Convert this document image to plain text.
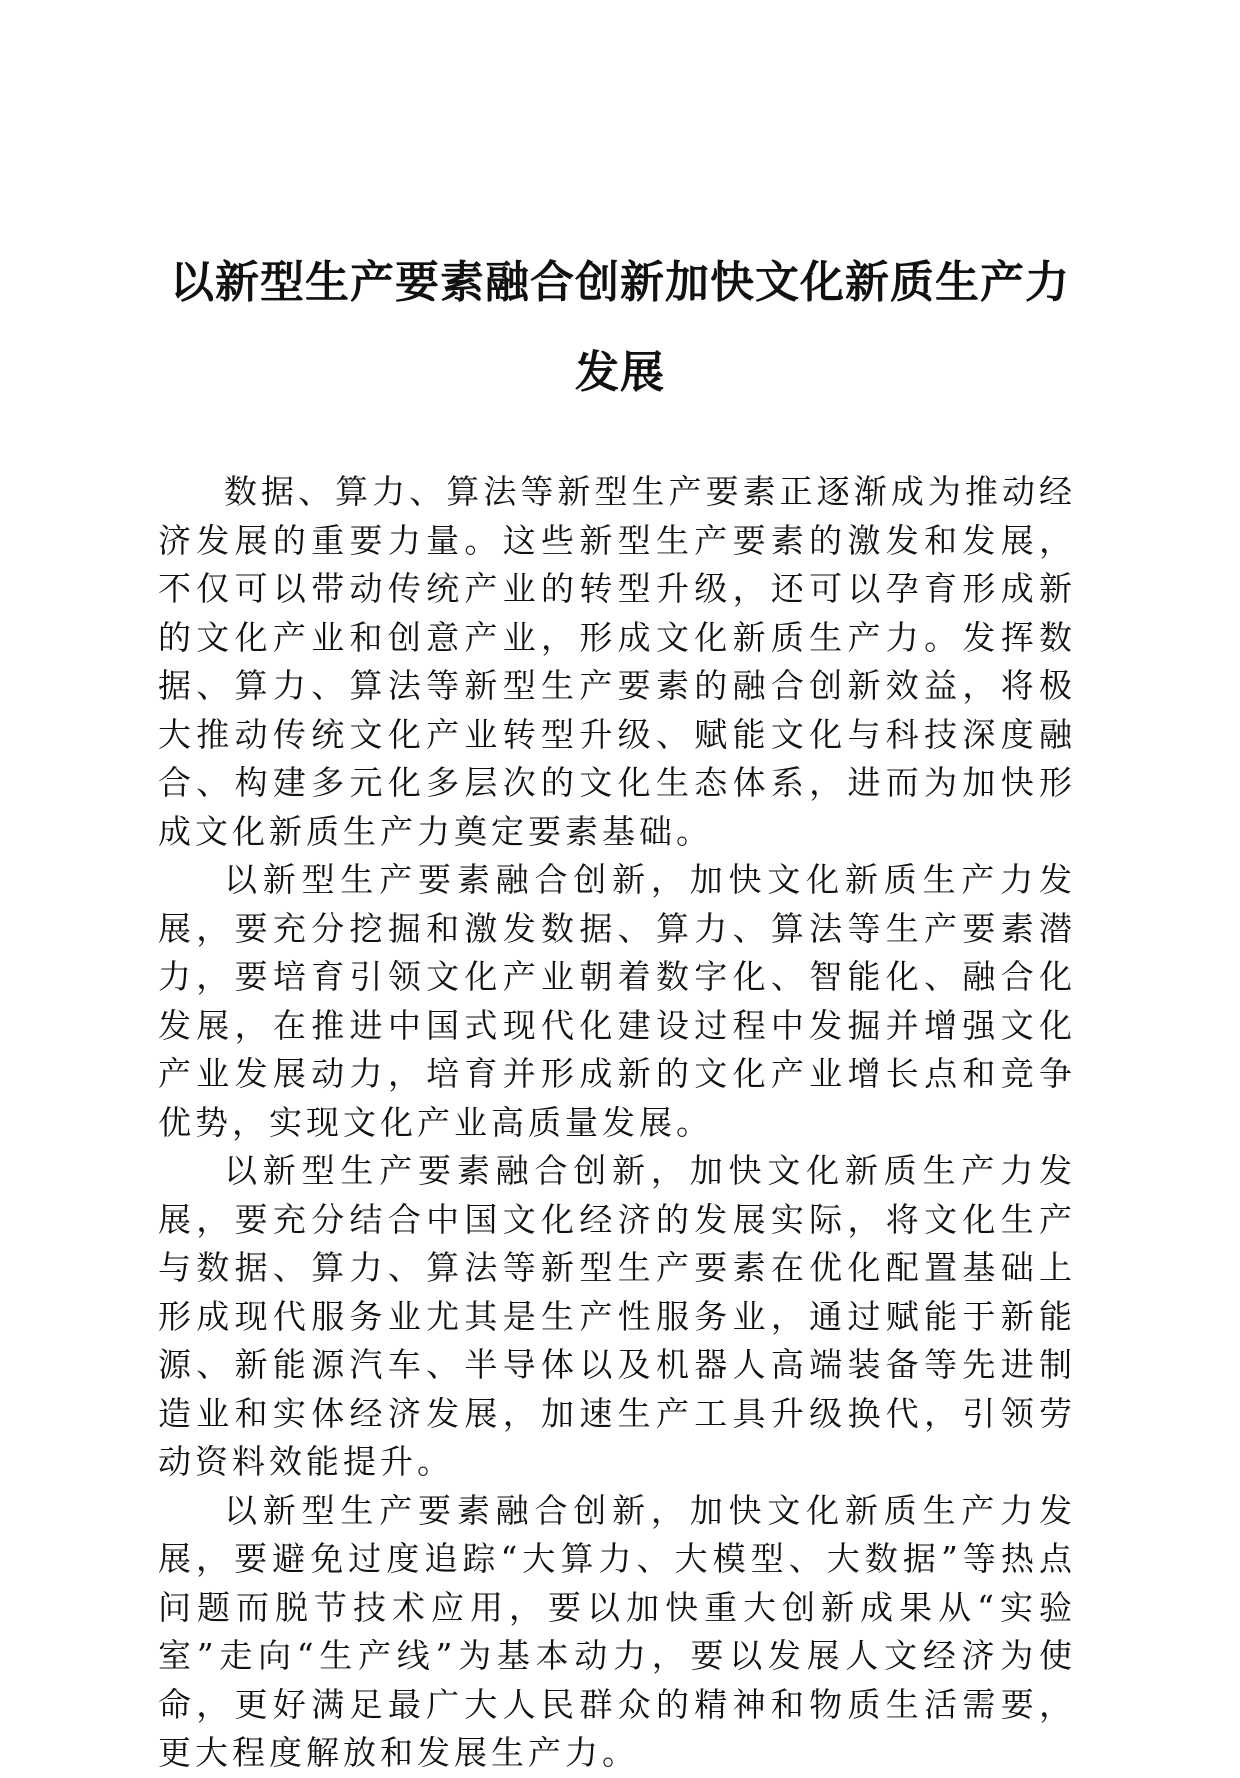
以新型生产要素融合创新加快文化新质生产力发展

数据、算力、算法等新型生产要素正逐渐成为推动经济发展的重要力量。这些新型生产要素的激发和发展，不仅可以带动传统产业的转型升级，还可以孕育形成新的文化产业和创意产业，形成文化新质生产力。发挥数据、算力、算法等新型生产要素的融合创新效益，将极大推动传统文化产业转型升级、赋能文化与科技深度融合、构建多元化多层次的文化生态体系，进而为加快形成文化新质生产力奠定要素基础。

以新型生产要素融合创新，加快文化新质生产力发展，要充分挖掘和激发数据、算力、算法等生产要素潜力，要培育引领文化产业朝着数字化、智能化、融合化发展，在推进中国式现代化建设过程中发掘并增强文化产业发展动力，培育并形成新的文化产业增长点和竞争优势，实现文化产业高质量发展。

以新型生产要素融合创新，加快文化新质生产力发展，要充分结合中国文化经济的发展实际，将文化生产与数据、算力、算法等新型生产要素在优化配置基础上形成现代服务业尤其是生产性服务业，通过赋能于新能源、新能源汽车、半导体以及机器人高端装备等先进制造业和实体经济发展，加速生产工具升级换代，引领劳动资料效能提升。

以新型生产要素融合创新，加快文化新质生产力发展，要避免过度追踪“大算力、大模型、大数据”等热点问题而脱节技术应用，要以加快重大创新成果从“实验室”走向“生产线”为基本动力，要以发展人文经济为使命，更好满足最广大人民群众的精神和物质生活需要，更大程度解放和发展生产力。
